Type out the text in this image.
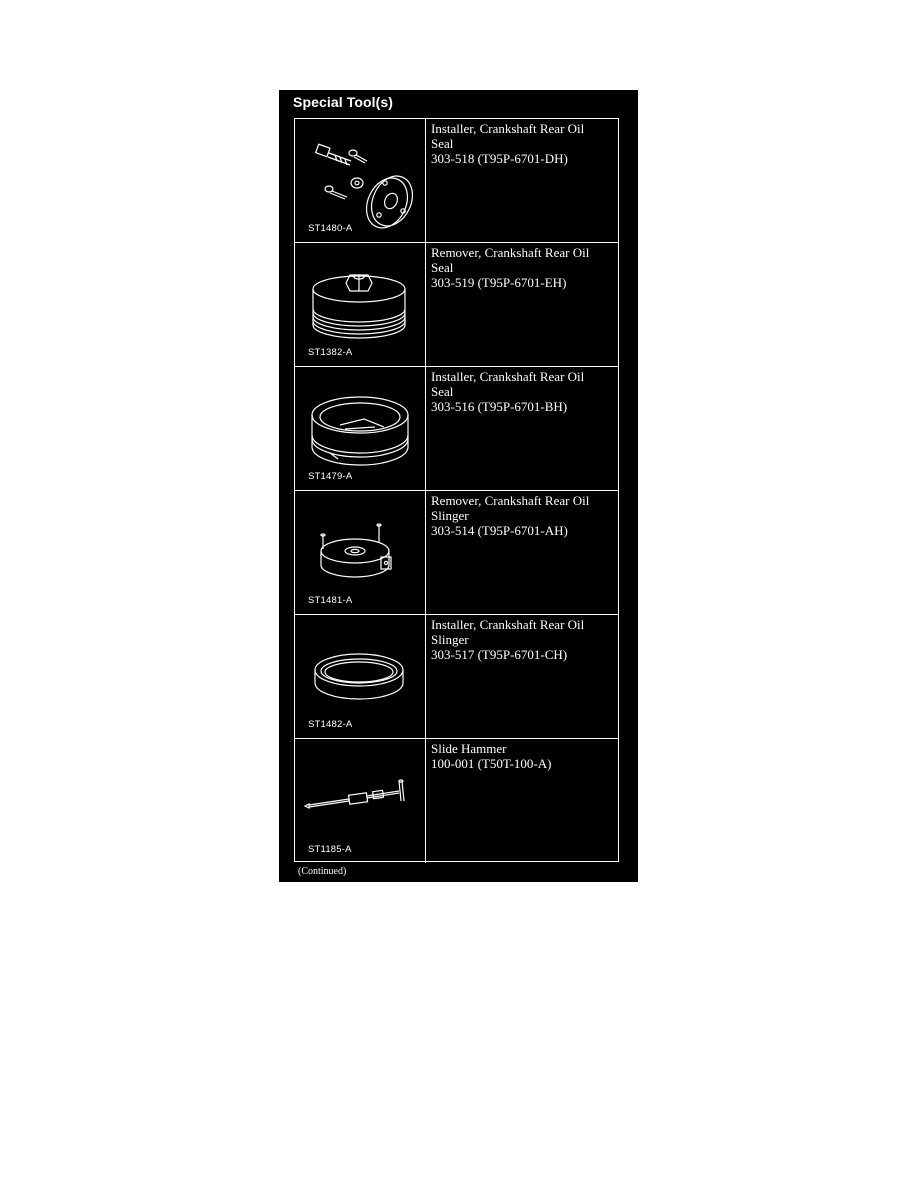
Special Tool(s)
ST1480-A
Installer, Crankshaft Rear Oil
Seal
303-518 (T95P-6701-DH)
ST1382-A
Remover, Crankshaft Rear Oil
Seal
303-519 (T95P-6701-EH)
ST1479-A
Installer, Crankshaft Rear Oil
Seal
303-516 (T95P-6701-BH)
ST1481-A
Remover, Crankshaft Rear Oil
Slinger
303-514 (T95P-6701-AH)
ST1482-A
Installer, Crankshaft Rear Oil
Slinger
303-517 (T95P-6701-CH)
ST1185-A
Slide Hammer
100-001 (T50T-100-A)
(Continued)
